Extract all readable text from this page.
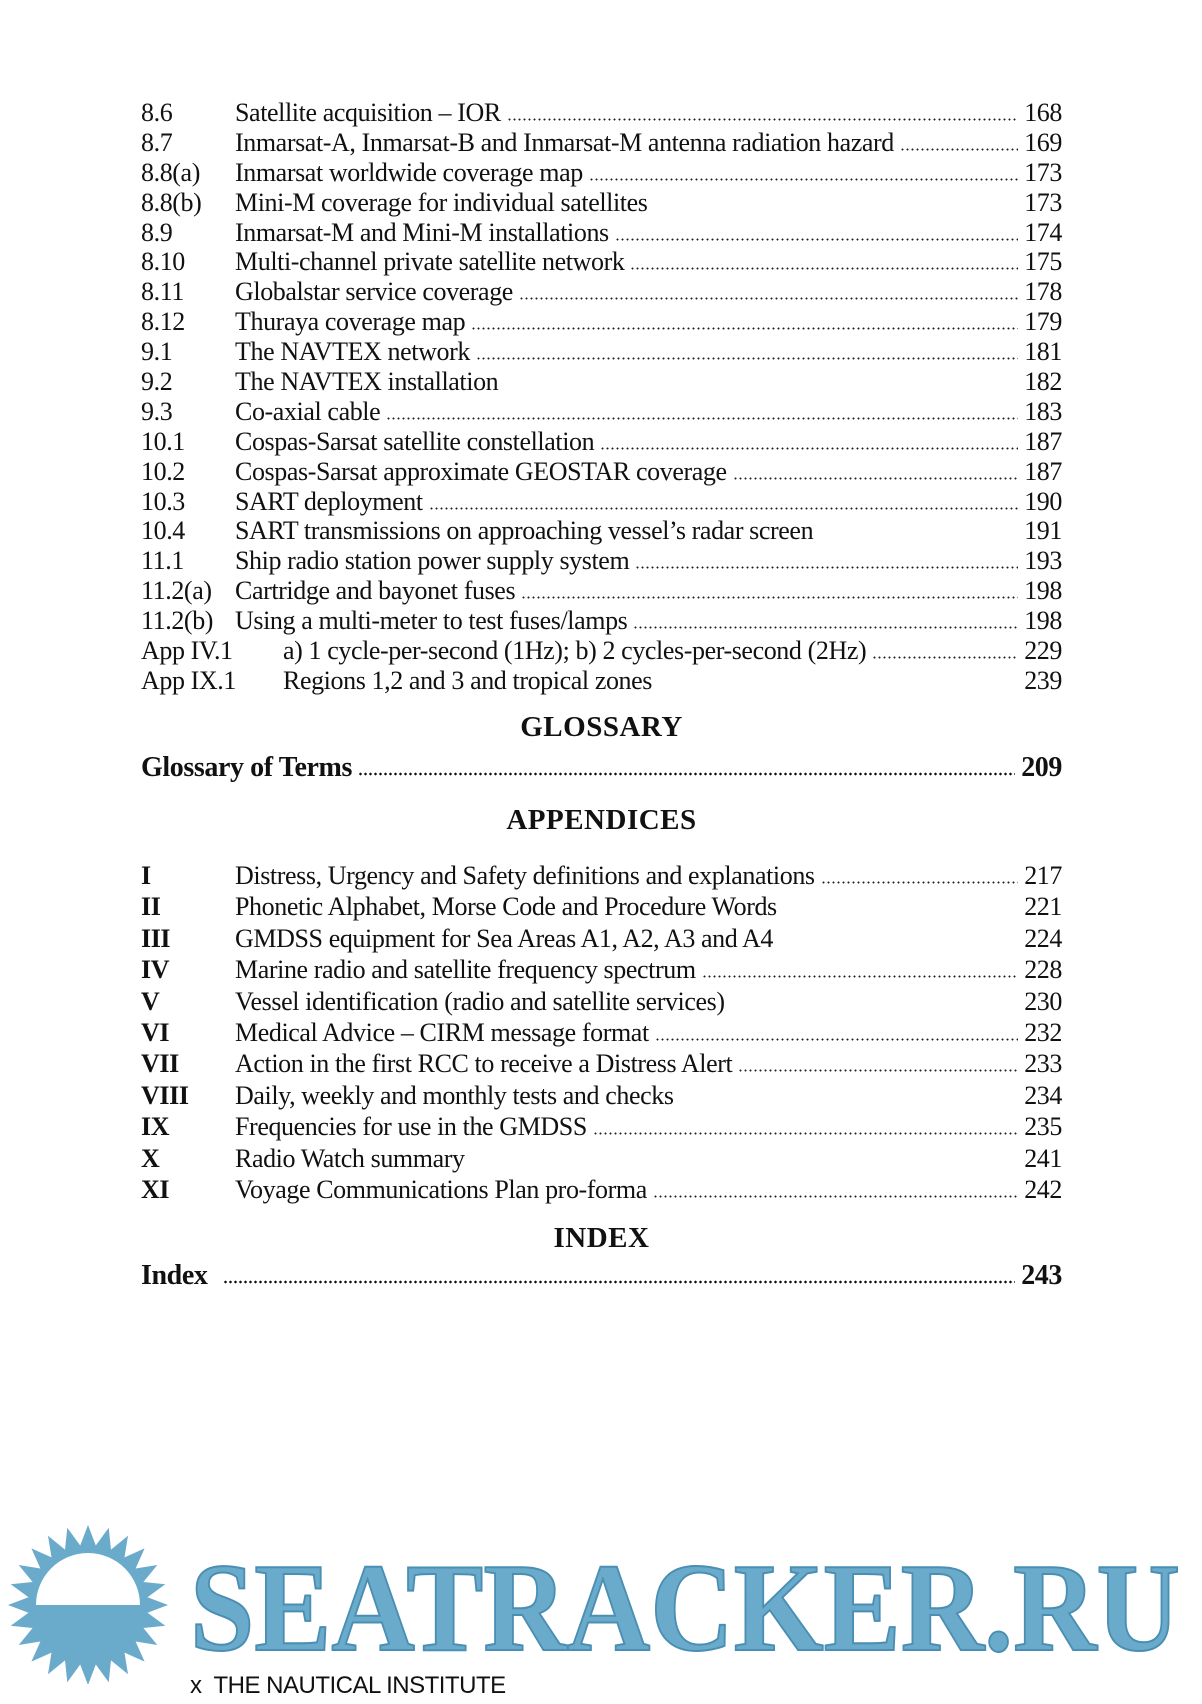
8.6	Satellite acquisition – IOR	168
8.7	Inmarsat-A, Inmarsat-B and Inmarsat-M antenna radiation hazard	169
8.8(a)	Inmarsat worldwide coverage map	173
8.8(b)	Mini-M coverage for individual satellites	173
8.9	Inmarsat-M and Mini-M installations	174
8.10	Multi-channel private satellite network	175
8.11	Globalstar service coverage	178
8.12	Thuraya coverage map	179
9.1	The NAVTEX network	181
9.2	The NAVTEX installation	182
9.3	Co-axial cable	183
10.1	Cospas-Sarsat satellite constellation	187
10.2	Cospas-Sarsat approximate GEOSTAR coverage	187
10.3	SART deployment	190
10.4	SART transmissions on approaching vessel’s radar screen	191
11.1	Ship radio station power supply system	193
11.2(a) Cartridge and bayonet fuses	198
11.2(b) Using a multi-meter to test fuses/lamps	198
App IV.1	a) 1 cycle-per-second (1Hz); b) 2 cycles-per-second (2Hz)	229
App IX.1	Regions 1,2 and 3 and tropical zones	239
GLOSSARY
Glossary of Terms	209
APPENDICES
I	Distress, Urgency and Safety definitions and explanations	217
II	Phonetic Alphabet, Morse Code and Procedure Words	221
III	GMDSS equipment for Sea Areas A1, A2, A3 and A4	224
IV	Marine radio and satellite frequency spectrum	228
V	Vessel identification (radio and satellite services)	230
VI	Medical Advice – CIRM message format	232
VII	Action in the first RCC to receive a Distress Alert	233
VIII	Daily, weekly and monthly tests and checks	234
IX	Frequencies for use in the GMDSS	235
X	Radio Watch summary	241
XI	Voyage Communications Plan pro-forma	242
INDEX
Index	243
SEATRACKER.RU
x THE NAUTICAL INSTITUTE
